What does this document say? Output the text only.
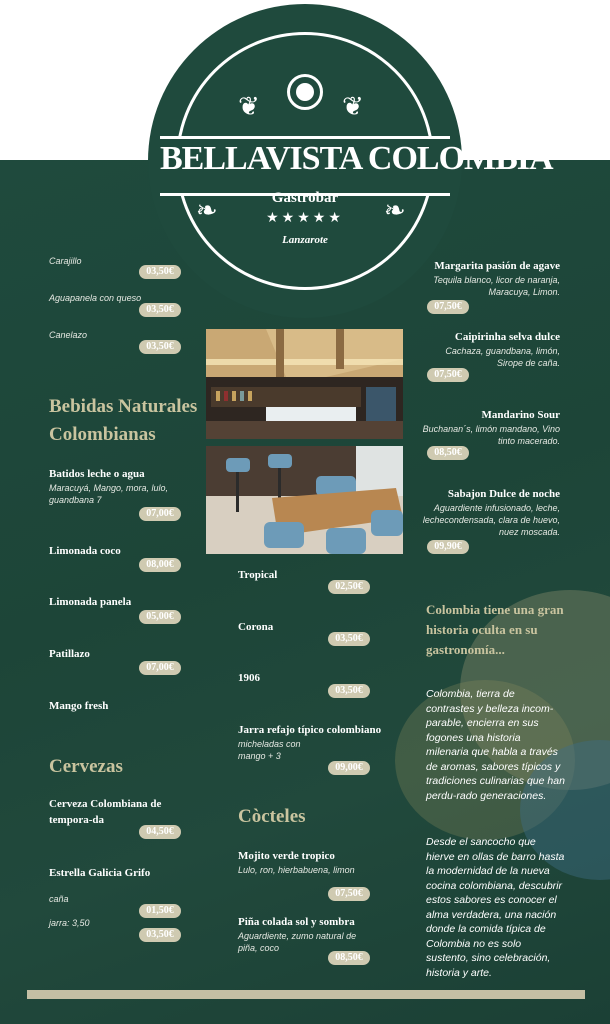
❦	❦
❧	❧
BELLAVISTA COLOMBIA
Gastrobar
★★★★★
Lanzarote
Carajillo
03,50€
Aguapanela con queso
03,50€
Canelazo
03,50€
Bebidas Naturales Colombianas
Batidos leche o agua
Maracuyá, Mango, mora, lulo, guandbana 7
07,00€
Limonada coco
08,00€
Limonada panela
05,00€
Patillazo
07,00€
Mango fresh
Cervezas
Cerveza Colombiana de tempora-da
04,50€
Estrella Galicia Grifo
caña
01,50€
jarra: 3,50
03,50€
Tropical
02,50€
Corona
03,50€
1906
03,50€
Jarra refajo típico colombiano
micheladas con mango + 3
09,00€
Còcteles
Mojito verde tropico
Lulo, ron, hierbabuena, limon
07,50€
Piña colada sol y sombra
Aguardiente, zumo natural de piña, coco
08,50€
Margarita pasión de agave
Tequila blanco, licor de naranja, Maracuya, Limon.
07,50€
Caipirinha selva dulce
Cachaza, guandbana, limón, Sirope de caña.
07,50€
Mandarino Sour
Buchanan´s, limón mandano, Vino tinto macerado.
08,50€
Sabajon Dulce de noche
Aguardiente infusionado, leche, lechecondensada, clara de huevo, nuez moscada.
09,90€
Colombia tiene una gran historia oculta en su gastronomía...
Colombia, tierra de contrastes y belleza incom-parable, encierra en sus fogones una historia milenaria que habla a través de aromas, sabores típicos y tradiciones culinarias que han perdu-rado generaciones.
Desde el sancocho que hierve en ollas de barro hasta la modernidad de la nueva cocina colombiana, descubrir estos sabores es conocer el alma verdadera, una nación donde la comida típica de Colombia no es solo sustento, sino celebración, historia y arte.
